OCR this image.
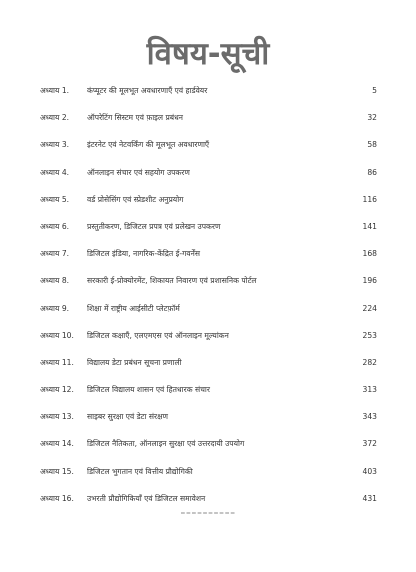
विषय-सूची
अध्याय 1. कंप्यूटर की मूलभूत अवधारणाएँ एवं हार्डवेयर	5
अध्याय 2. ऑपरेटिंग सिस्टम एवं फ़ाइल प्रबंधन	32
अध्याय 3. इंटरनेट एवं नेटवर्किंग की मूलभूत अवधारणाएँ	58
अध्याय 4. ऑनलाइन संचार एवं सहयोग उपकरण	86
अध्याय 5. वर्ड प्रोसेसिंग एवं स्प्रेडशीट अनुप्रयोग	116
अध्याय 6. प्रस्तुतीकरण, डिजिटल प्रपत्र एवं प्रलेखन उपकरण	141
अध्याय 7. डिजिटल इंडिया, नागरिक-केंद्रित ई-गवर्नेंस	168
अध्याय 8. सरकारी ई-प्रोक्योरमेंट, शिकायत निवारण एवं प्रशासनिक पोर्टल	196
अध्याय 9. शिक्षा में राष्ट्रीय आईसीटी प्लेटफ़ॉर्म	224
अध्याय 10. डिजिटल कक्षाएँ, एलएमएस एवं ऑनलाइन मूल्यांकन	253
अध्याय 11. विद्यालय डेटा प्रबंधन सूचना प्रणाली	282
अध्याय 12. डिजिटल विद्यालय शासन एवं हितधारक संचार	313
अध्याय 13. साइबर सुरक्षा एवं डेटा संरक्षण	343
अध्याय 14. डिजिटल नैतिकता, ऑनलाइन सुरक्षा एवं उत्तरदायी उपयोग	372
अध्याय 15. डिजिटल भुगतान एवं वित्तीय प्रौद्योगिकी	403
अध्याय 16. उभरती प्रौद्योगिकियाँ एवं डिजिटल समावेशन	431
==========
